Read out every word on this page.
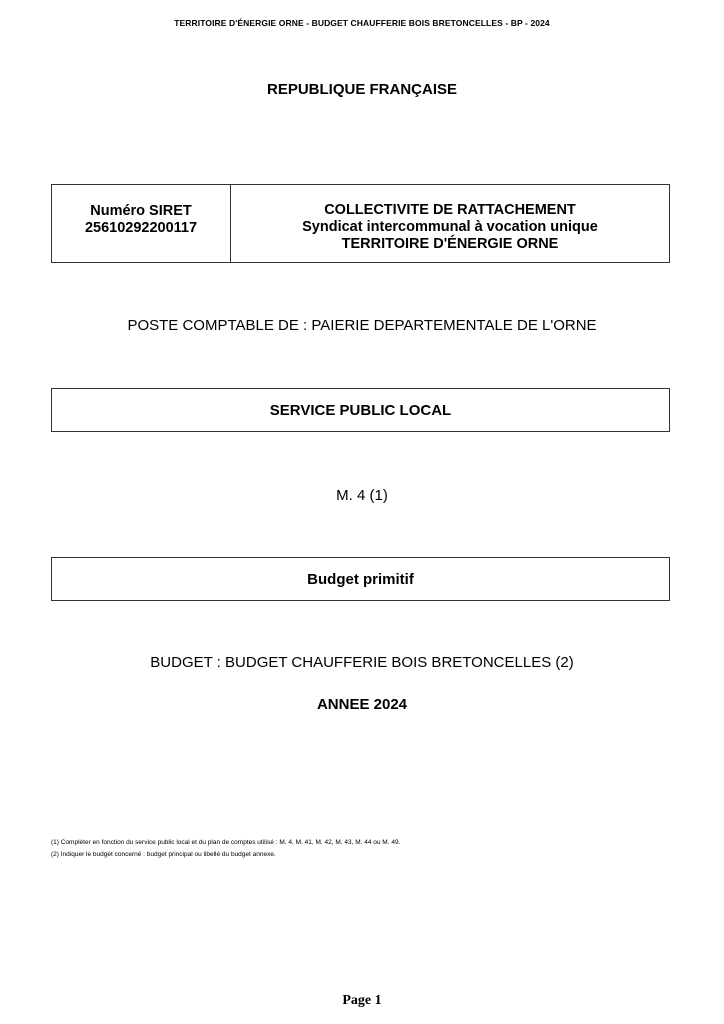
TERRITOIRE D'ÉNERGIE ORNE - BUDGET CHAUFFERIE BOIS BRETONCELLES - BP - 2024
REPUBLIQUE FRANÇAISE
Numéro SIRET
25610292200117
COLLECTIVITE DE RATTACHEMENT
Syndicat intercommunal à vocation unique
TERRITOIRE D'ÉNERGIE ORNE
POSTE COMPTABLE DE : PAIERIE DEPARTEMENTALE DE L'ORNE
SERVICE PUBLIC LOCAL
M. 4 (1)
Budget primitif
BUDGET : BUDGET CHAUFFERIE BOIS BRETONCELLES (2)
ANNEE 2024
(1) Compléter en fonction du service public local et du plan de comptes utilisé : M. 4, M. 41, M. 42, M. 43, M. 44 ou M. 49.
(2) Indiquer le budget concerné : budget principal ou libellé du budget annexe.
Page 1
